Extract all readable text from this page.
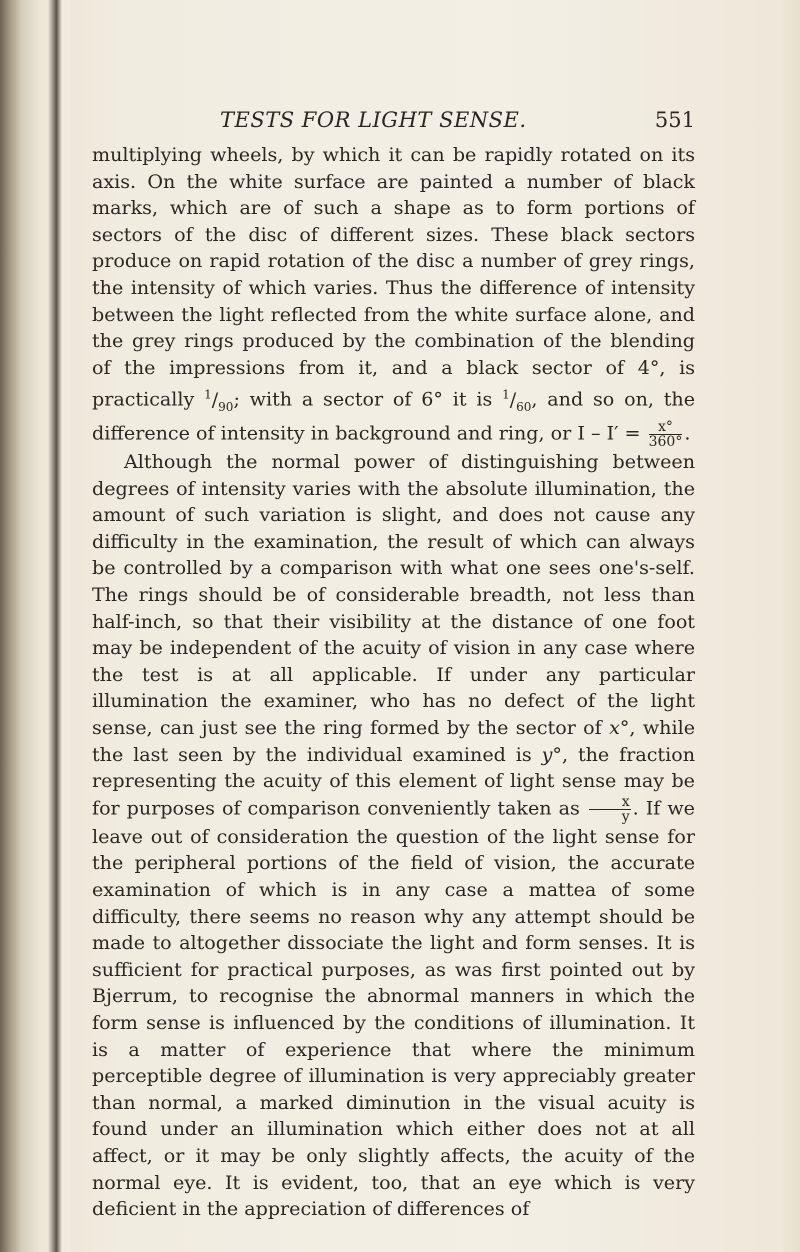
TESTS FOR LIGHT SENSE.	551

multiplying wheels, by which it can be rapidly rotated on its axis. On the white surface are painted a number of black marks, which are of such a shape as to form portions of sectors of the disc of different sizes. These black sectors produce on rapid rotation of the disc a number of grey rings, the intensity of which varies. Thus the difference of intensity between the light reflected from the white surface alone, and the grey rings produced by the combination of the blending of the impressions from it, and a black sector of 4°, is practically $^1/_{90}$; with a sector of 6° it is $^1/_{60}$, and so on, the difference of intensity in background and ring, or $I - I' = \frac{x^\circ}{360^\circ}$ .

Although the normal power of distinguishing between degrees of intensity varies with the absolute illumination, the amount of such variation is slight, and does not cause any difficulty in the examination, the result of which can always be controlled by a comparison with what one sees one's-self. The rings should be of considerable breadth, not less than half-inch, so that their visibility at the distance of one foot may be independent of the acuity of vision in any case where the test is at all applicable. If under any particular illumination the examiner, who has no defect of the light sense, can just see the ring formed by the sector of x°, while the last seen by the individual examined is y°, the fraction representing the acuity of this element of light sense may be for purposes of comparison conveniently taken as $\frac{x}{y}$ . If we leave out of consideration the question of the light sense for the peripheral portions of the field of vision, the accurate examination of which is in any case a mattea of some difficulty, there seems no reason why any attempt should be made to altogether dissociate the light and form senses. It is sufficient for practical purposes, as was first pointed out by Bjerrum, to recognise the abnormal manners in which the form sense is influenced by the conditions of illumination. It is a matter of experience that where the minimum perceptible degree of illumination is very appreciably greater than normal, a marked diminution in the visual acuity is found under an illumination which either does not at all affect, or it may be only slightly affects, the acuity of the normal eye. It is evident, too, that an eye which is very deficient in the appreciation of differences of
